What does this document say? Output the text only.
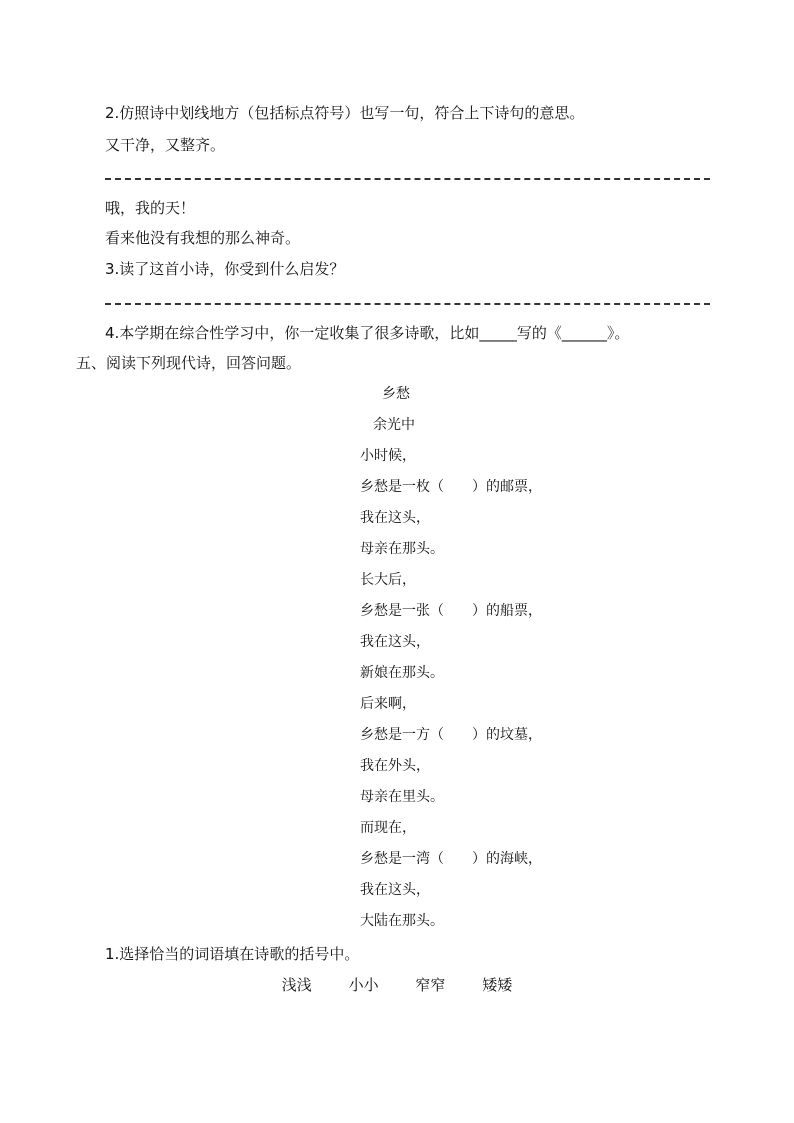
2.仿照诗中划线地方（包括标点符号）也写一句，符合上下诗句的意思。
又干净，又整齐。
哦，我的天！
看来他没有我想的那么神奇。
3.读了这首小诗，你受到什么启发？
4.本学期在综合性学习中，你一定收集了很多诗歌，比如_____写的《______》。
五、阅读下列现代诗，回答问题。
乡愁
余光中
小时候，
乡愁是一枚（　　）的邮票，
我在这头，
母亲在那头。
长大后，
乡愁是一张（　　）的船票，
我在这头，
新娘在那头。
后来啊，
乡愁是一方（　　）的坟墓，
我在外头，
母亲在里头。
而现在，
乡愁是一湾（　　）的海峡，
我在这头，
大陆在那头。
1.选择恰当的词语填在诗歌的括号中。
浅浅 小小 窄窄 矮矮
